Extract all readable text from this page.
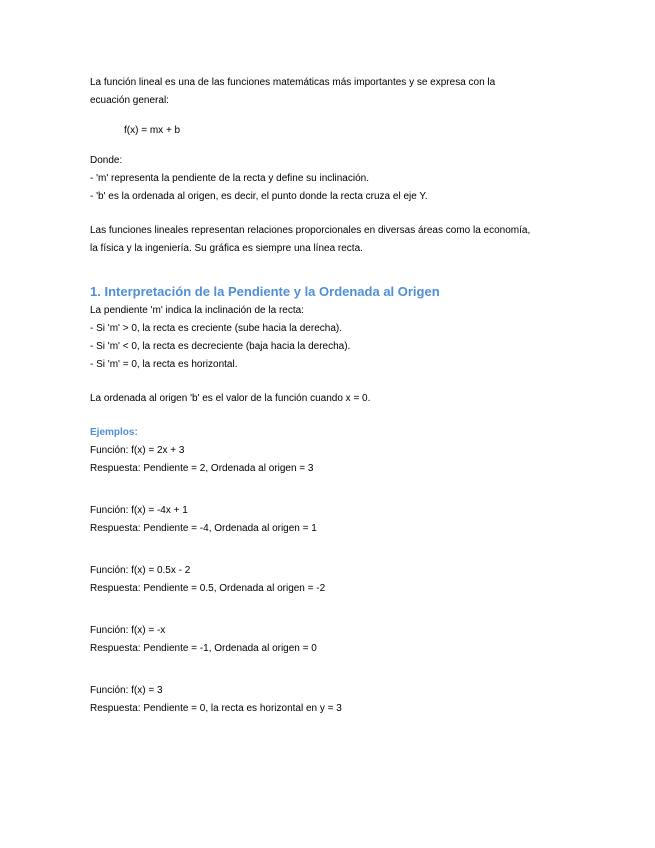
La función lineal es una de las funciones matemáticas más importantes y se expresa con la

ecuación general:

f(x) = mx + b

Donde:

- 'm' representa la pendiente de la recta y define su inclinación.

- 'b' es la ordenada al origen, es decir, el punto donde la recta cruza el eje Y.

Las funciones lineales representan relaciones proporcionales en diversas áreas como la economía,

la física y la ingeniería. Su gráfica es siempre una línea recta.

1. Interpretación de la Pendiente y la Ordenada al Origen

La pendiente 'm' indica la inclinación de la recta:

- Si 'm' > 0, la recta es creciente (sube hacia la derecha).

- Si 'm' < 0, la recta es decreciente (baja hacia la derecha).

- Si 'm' = 0, la recta es horizontal.

La ordenada al origen 'b' es el valor de la función cuando x = 0.

Ejemplos:

Función: f(x) = 2x + 3

Respuesta: Pendiente = 2, Ordenada al origen = 3

Función: f(x) = -4x + 1

Respuesta: Pendiente = -4, Ordenada al origen = 1

Función: f(x) = 0.5x - 2

Respuesta: Pendiente = 0.5, Ordenada al origen = -2

Función: f(x) = -x

Respuesta: Pendiente = -1, Ordenada al origen = 0

Función: f(x) = 3

Respuesta: Pendiente = 0, la recta es horizontal en y = 3
